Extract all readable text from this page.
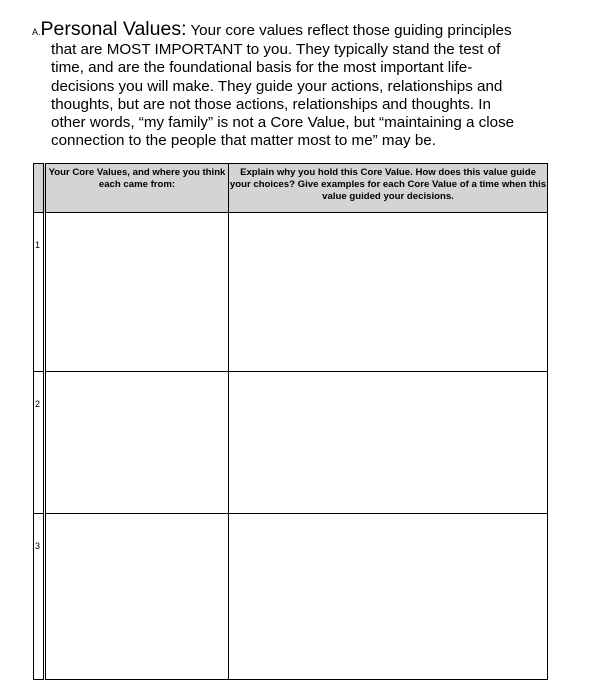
A.Personal Values: Your core values reflect those guiding principles
that are MOST IMPORTANT to you. They typically stand the test of
time, and are the foundational basis for the most important life-
decisions you will make. They guide your actions, relationships and
thoughts, but are not those actions, relationships and thoughts. In
other words, “my family” is not a Core Value, but “maintaining a close
connection to the people that matter most to me” may be.
	Your Core Values, and where you think each came from:	Explain why you hold this Core Value. How does this value guide your choices? Give examples for each Core Value of a time when this value guided your decisions.

1		

2		

3		
